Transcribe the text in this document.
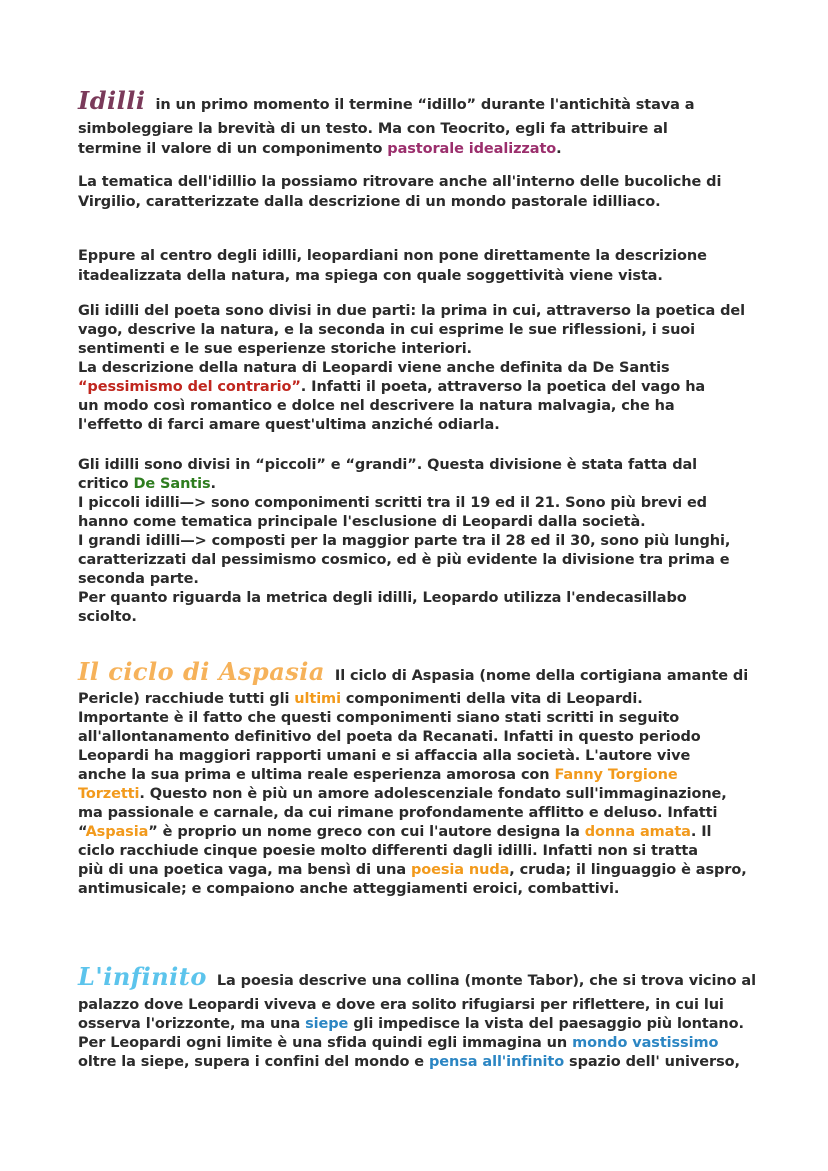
Idilli in un primo momento il termine “idillo” durante l'antichità stava a
simboleggiare la brevità di un testo. Ma con Teocrito, egli fa attribuire al
termine il valore di un componimento pastorale idealizzato.
La tematica dell'idillio la possiamo ritrovare anche all'interno delle bucoliche di
Virgilio, caratterizzate dalla descrizione di un mondo pastorale idilliaco.
Eppure al centro degli idilli, leopardiani non pone direttamente la descrizione
itadealizzata della natura, ma spiega con quale soggettività viene vista.
Gli idilli del poeta sono divisi in due parti: la prima in cui, attraverso la poetica del
vago, descrive la natura, e la seconda in cui esprime le sue riflessioni, i suoi
sentimenti e le sue esperienze storiche interiori.
La descrizione della natura di Leopardi viene anche definita da De Santis
“pessimismo del contrario”. Infatti il poeta, attraverso la poetica del vago ha
un modo così romantico e dolce nel descrivere la natura malvagia, che ha
l'effetto di farci amare quest'ultima anziché odiarla.
Gli idilli sono divisi in “piccoli” e “grandi”. Questa divisione è stata fatta dal
critico De Santis.
I piccoli idilli—> sono componimenti scritti tra il 19 ed il 21. Sono più brevi ed
hanno come tematica principale l'esclusione di Leopardi dalla società.
I grandi idilli—> composti per la maggior parte tra il 28 ed il 30, sono più lunghi,
caratterizzati dal pessimismo cosmico, ed è più evidente la divisione tra prima e
seconda parte.
Per quanto riguarda la metrica degli idilli, Leopardo utilizza l'endecasillabo
sciolto.
Il ciclo di Aspasia Il ciclo di Aspasia (nome della cortigiana amante di
Pericle) racchiude tutti gli ultimi componimenti della vita di Leopardi.
Importante è il fatto che questi componimenti siano stati scritti in seguito
all'allontanamento definitivo del poeta da Recanati. Infatti in questo periodo
Leopardi ha maggiori rapporti umani e si affaccia alla società. L'autore vive
anche la sua prima e ultima reale esperienza amorosa con Fanny Torgione
Torzetti. Questo non è più un amore adolescenziale fondato sull'immaginazione,
ma passionale e carnale, da cui rimane profondamente afflitto e deluso. Infatti
“Aspasia” è proprio un nome greco con cui l'autore designa la donna amata. Il
ciclo racchiude cinque poesie molto differenti dagli idilli. Infatti non si tratta
più di una poetica vaga, ma bensì di una poesia nuda, cruda; il linguaggio è aspro,
antimusicale; e compaiono anche atteggiamenti eroici, combattivi.
L'infinito La poesia descrive una collina (monte Tabor), che si trova vicino al
palazzo dove Leopardi viveva e dove era solito rifugiarsi per riflettere, in cui lui
osserva l'orizzonte, ma una siepe gli impedisce la vista del paesaggio più lontano.
Per Leopardi ogni limite è una sfida quindi egli immagina un mondo vastissimo
oltre la siepe, supera i confini del mondo e pensa all'infinito spazio dell' universo,
